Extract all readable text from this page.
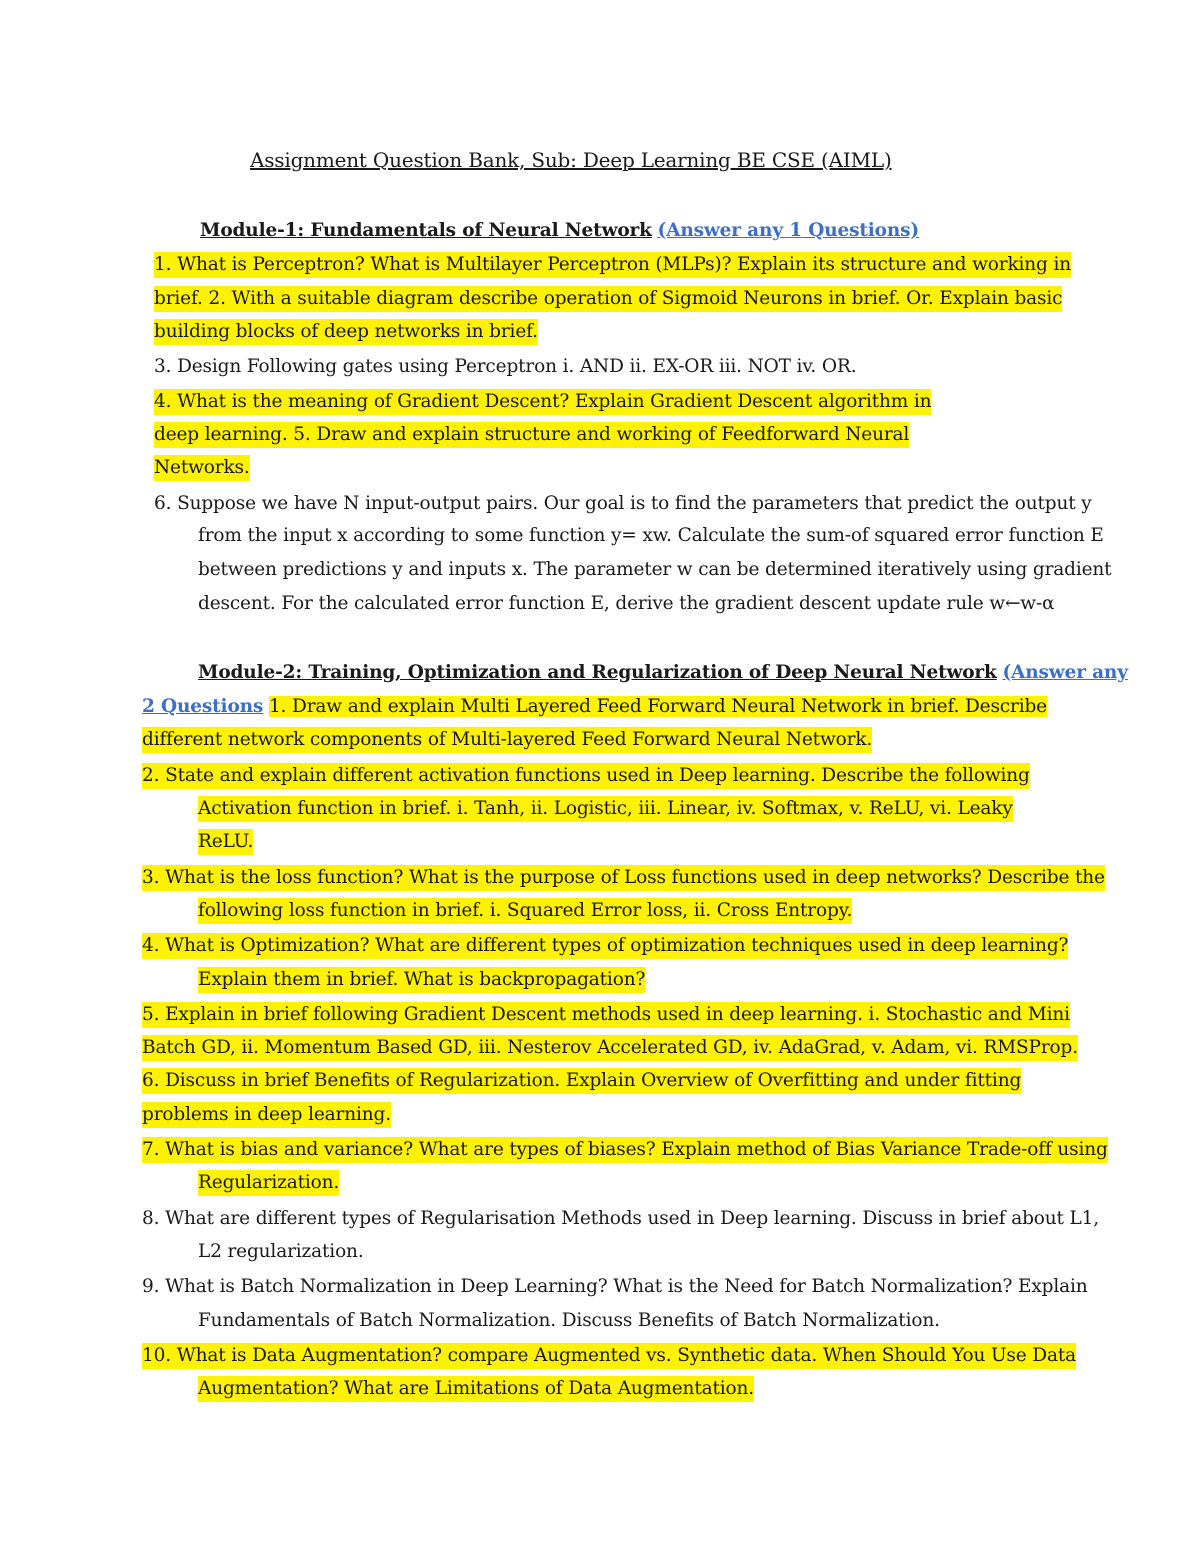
Assignment Question Bank, Sub: Deep Learning BE CSE (AIML)
Module-1: Fundamentals of Neural Network (Answer any 1 Questions)
1. What is Perceptron? What is Multilayer Perceptron (MLPs)? Explain its structure and working in
brief. 2. With a suitable diagram describe operation of Sigmoid Neurons in brief. Or. Explain basic
building blocks of deep networks in brief.
3. Design Following gates using Perceptron i. AND ii. EX-OR iii. NOT iv. OR.
4. What is the meaning of Gradient Descent? Explain Gradient Descent algorithm in
deep learning. 5. Draw and explain structure and working of Feedforward Neural
Networks.
6. Suppose we have N input-output pairs. Our goal is to find the parameters that predict the output y
from the input x according to some function y= xw. Calculate the sum-of squared error function E
between predictions y and inputs x. The parameter w can be determined iteratively using gradient
descent. For the calculated error function E, derive the gradient descent update rule w←w-α
Module-2: Training, Optimization and Regularization of Deep Neural Network (Answer any
2 Questions 1. Draw and explain Multi Layered Feed Forward Neural Network in brief. Describe
different network components of Multi-layered Feed Forward Neural Network.
2. State and explain different activation functions used in Deep learning. Describe the following
Activation function in brief. i. Tanh, ii. Logistic, iii. Linear, iv. Softmax, v. ReLU, vi. Leaky
ReLU.
3. What is the loss function? What is the purpose of Loss functions used in deep networks? Describe the
following loss function in brief. i. Squared Error loss, ii. Cross Entropy.
4. What is Optimization? What are different types of optimization techniques used in deep learning?
Explain them in brief. What is backpropagation?
5. Explain in brief following Gradient Descent methods used in deep learning. i. Stochastic and Mini
Batch GD, ii. Momentum Based GD, iii. Nesterov Accelerated GD, iv. AdaGrad, v. Adam, vi. RMSProp.
6. Discuss in brief Benefits of Regularization. Explain Overview of Overfitting and under fitting
problems in deep learning.
7. What is bias and variance? What are types of biases? Explain method of Bias Variance Trade-off using
Regularization.
8. What are different types of Regularisation Methods used in Deep learning. Discuss in brief about L1,
L2 regularization.
9. What is Batch Normalization in Deep Learning? What is the Need for Batch Normalization? Explain
Fundamentals of Batch Normalization. Discuss Benefits of Batch Normalization.
10. What is Data Augmentation? compare Augmented vs. Synthetic data. When Should You Use Data
Augmentation? What are Limitations of Data Augmentation.
